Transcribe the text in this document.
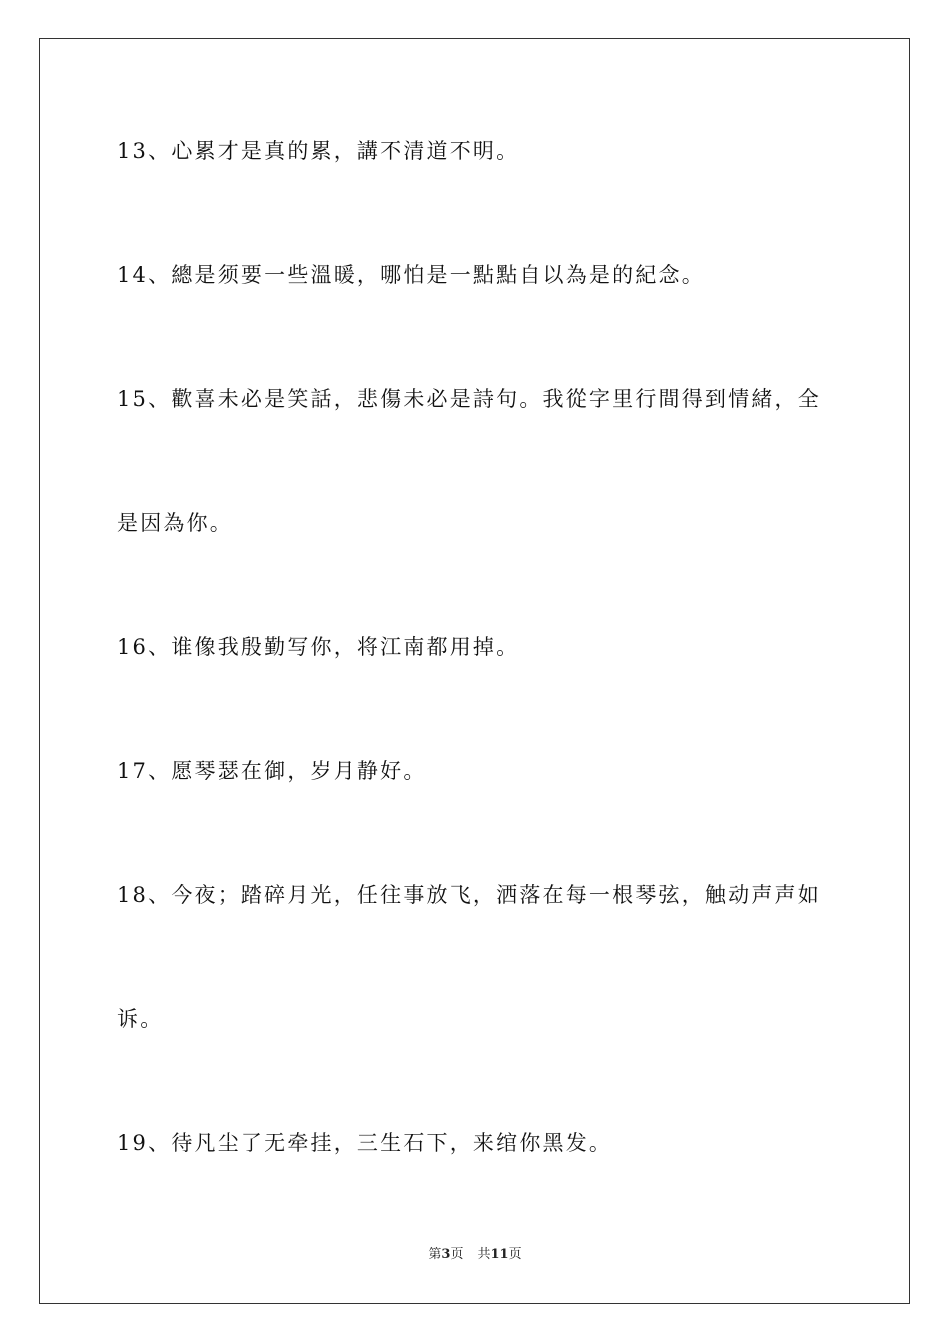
13、心累才是真的累，講不清道不明。
14、總是须要一些溫暖，哪怕是一點點自以為是的紀念。
15、歡喜未必是笑話，悲傷未必是詩句。我從字里行間得到情緒，全
是因為你。
16、谁像我殷勤写你，将江南都用掉。
17、愿琴瑟在御，岁月静好。
18、今夜；踏碎月光，任往事放飞，洒落在每一根琴弦，触动声声如
诉。
19、待凡尘了无牵挂，三生石下，来绾你黑发。
第3页 共11页
